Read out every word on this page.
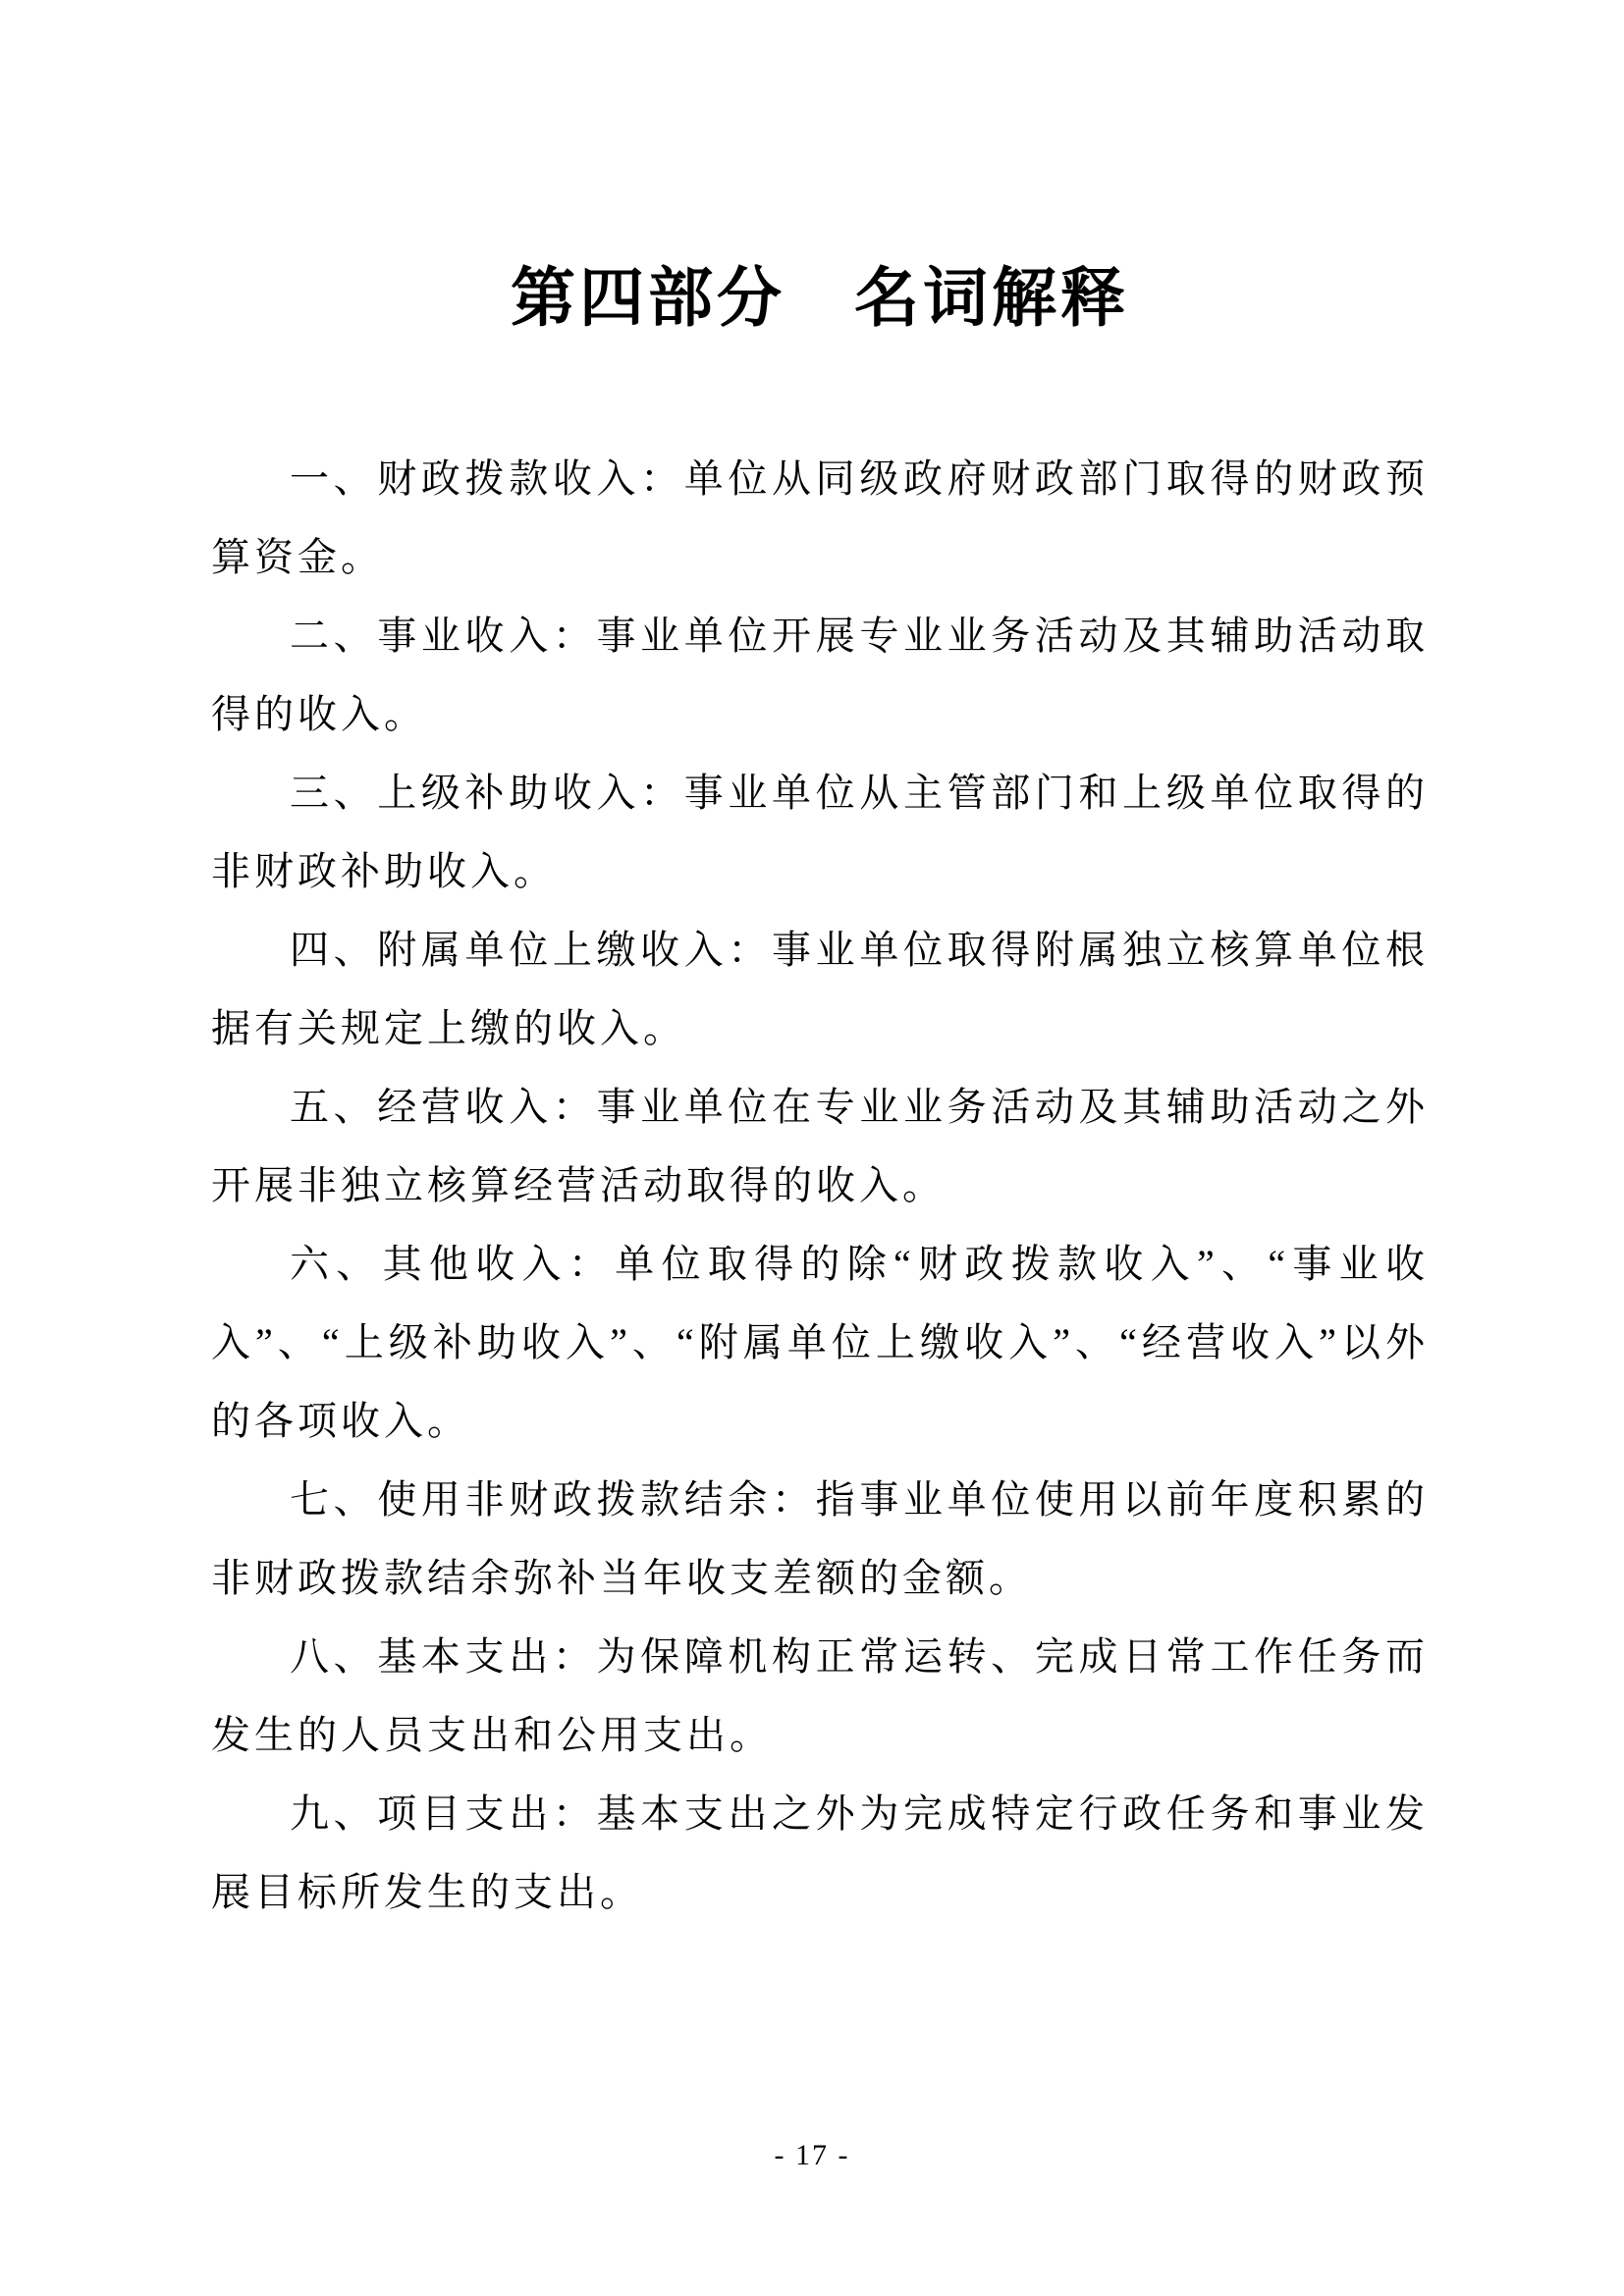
第四部分　名词解释

一、财政拨款收入：单位从同级政府财政部门取得的财政预算资金。

二、事业收入：事业单位开展专业业务活动及其辅助活动取得的收入。

三、上级补助收入：事业单位从主管部门和上级单位取得的非财政补助收入。

四、附属单位上缴收入：事业单位取得附属独立核算单位根据有关规定上缴的收入。

五、经营收入：事业单位在专业业务活动及其辅助活动之外开展非独立核算经营活动取得的收入。

六、其他收入：单位取得的除“财政拨款收入”、“事业收入”、“上级补助收入”、“附属单位上缴收入”、“经营收入”以外的各项收入。

七、使用非财政拨款结余：指事业单位使用以前年度积累的非财政拨款结余弥补当年收支差额的金额。

八、基本支出：为保障机构正常运转、完成日常工作任务而发生的人员支出和公用支出。

九、项目支出：基本支出之外为完成特定行政任务和事业发展目标所发生的支出。

- 17 -
